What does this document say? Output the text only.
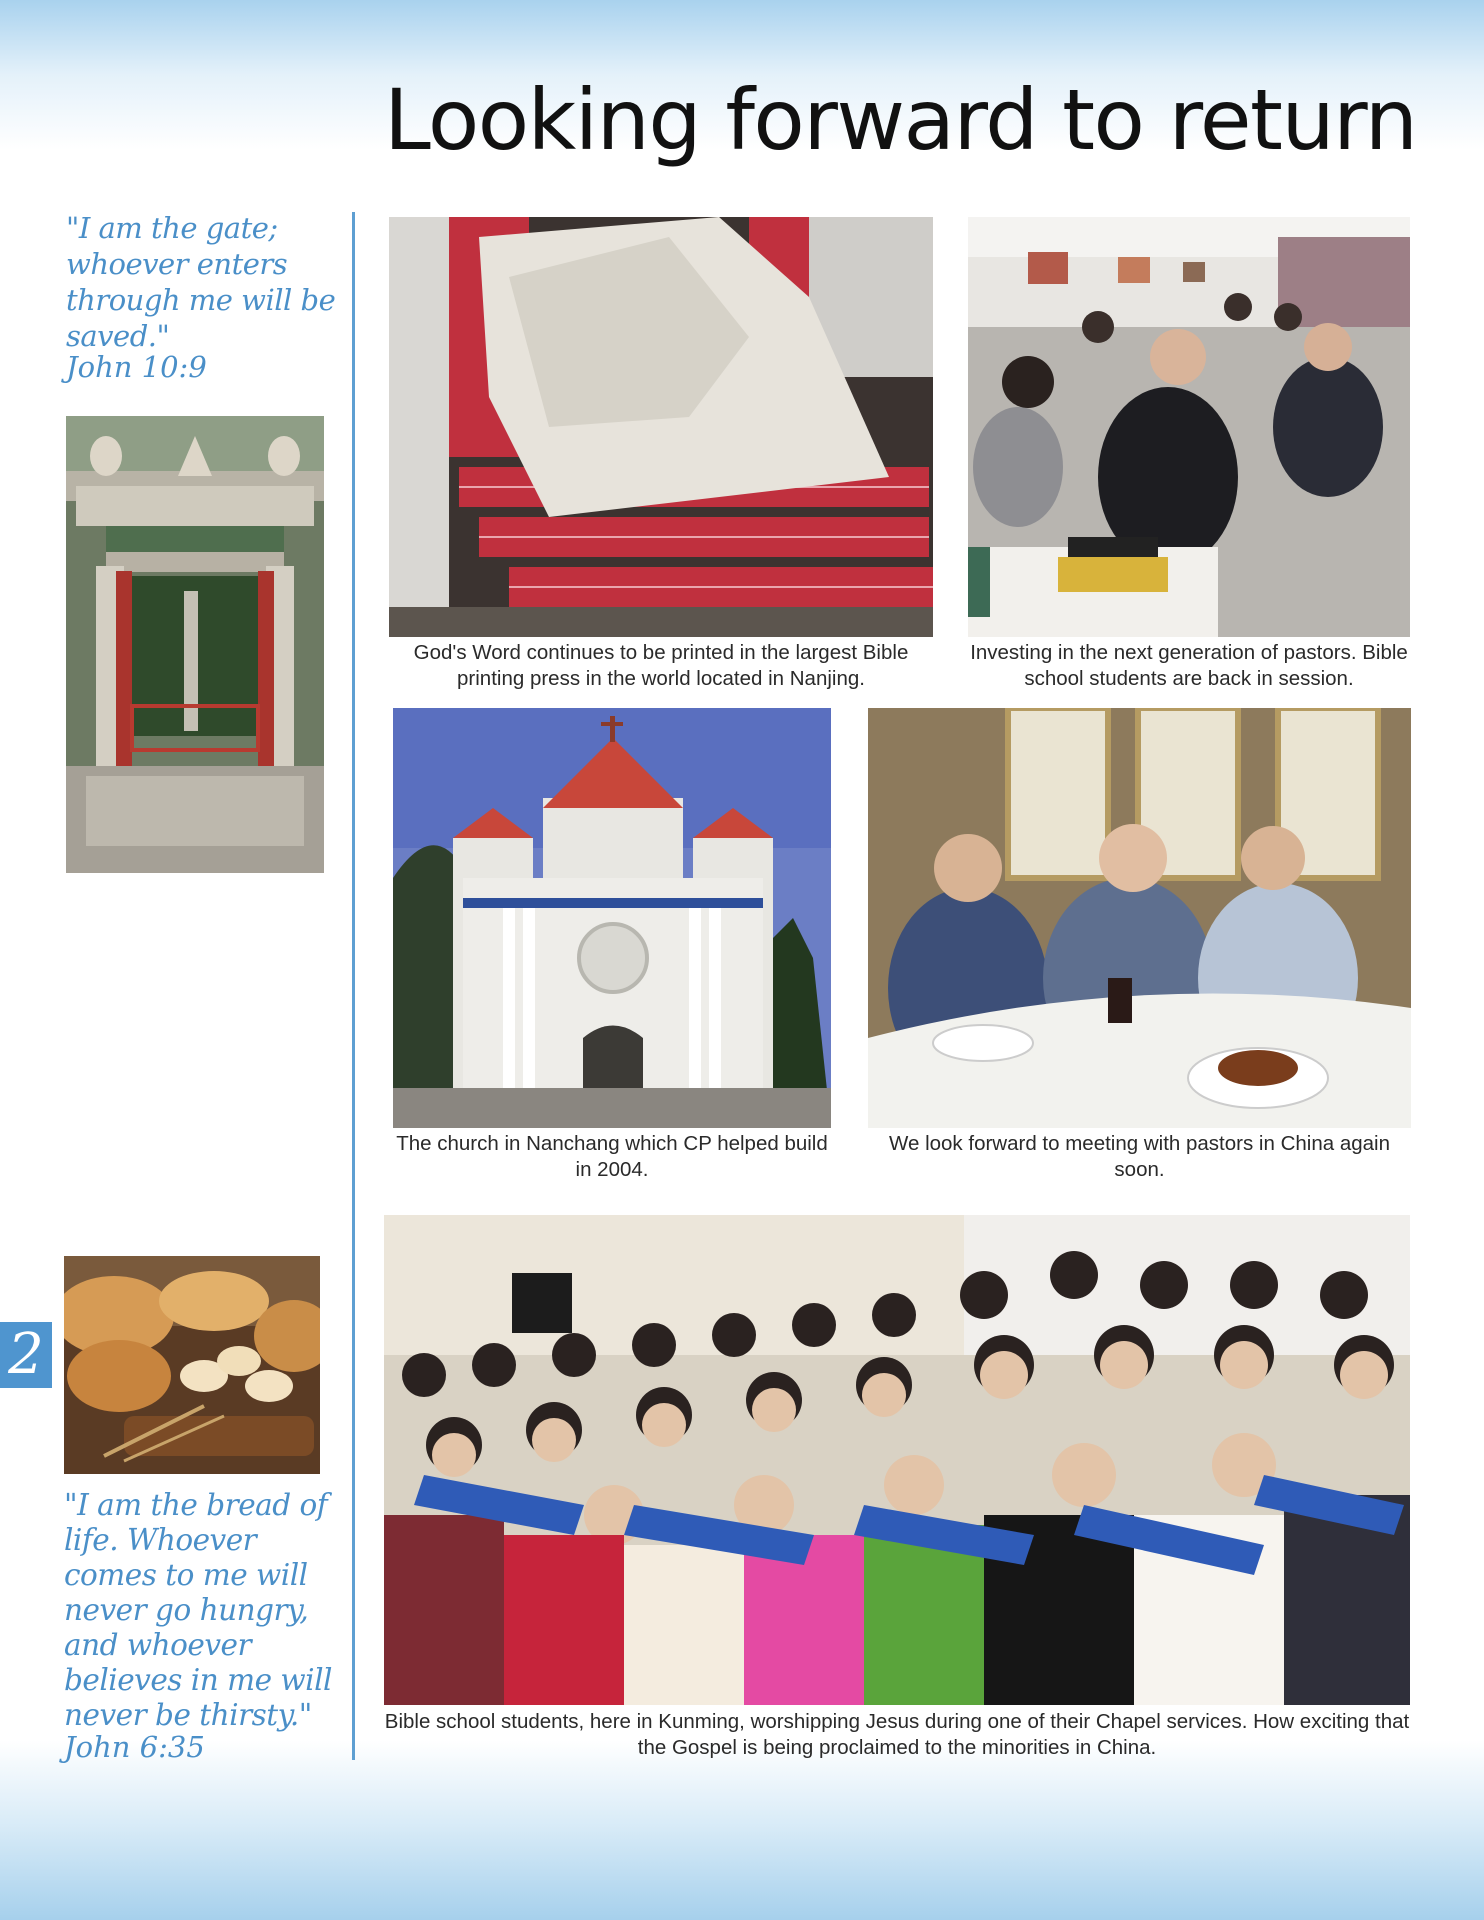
Looking forward to return
"I am the gate; whoever enters through me will be saved."
John 10:9
"I am the bread of life. Whoever comes to me will never go hungry, and whoever believes in me will never be thirsty."
John 6:35
2
God's Word continues to be printed in the largest Bible printing press in the world located in Nanjing.
Investing in the next generation of pastors. Bible school students are back in session.
The church in Nanchang which CP helped build in 2004.
We look forward to meeting with pastors in China again soon.
Bible school students, here in Kunming, worshipping Jesus during one of their Chapel services. How exciting that the Gospel is being proclaimed to the minorities in China.
